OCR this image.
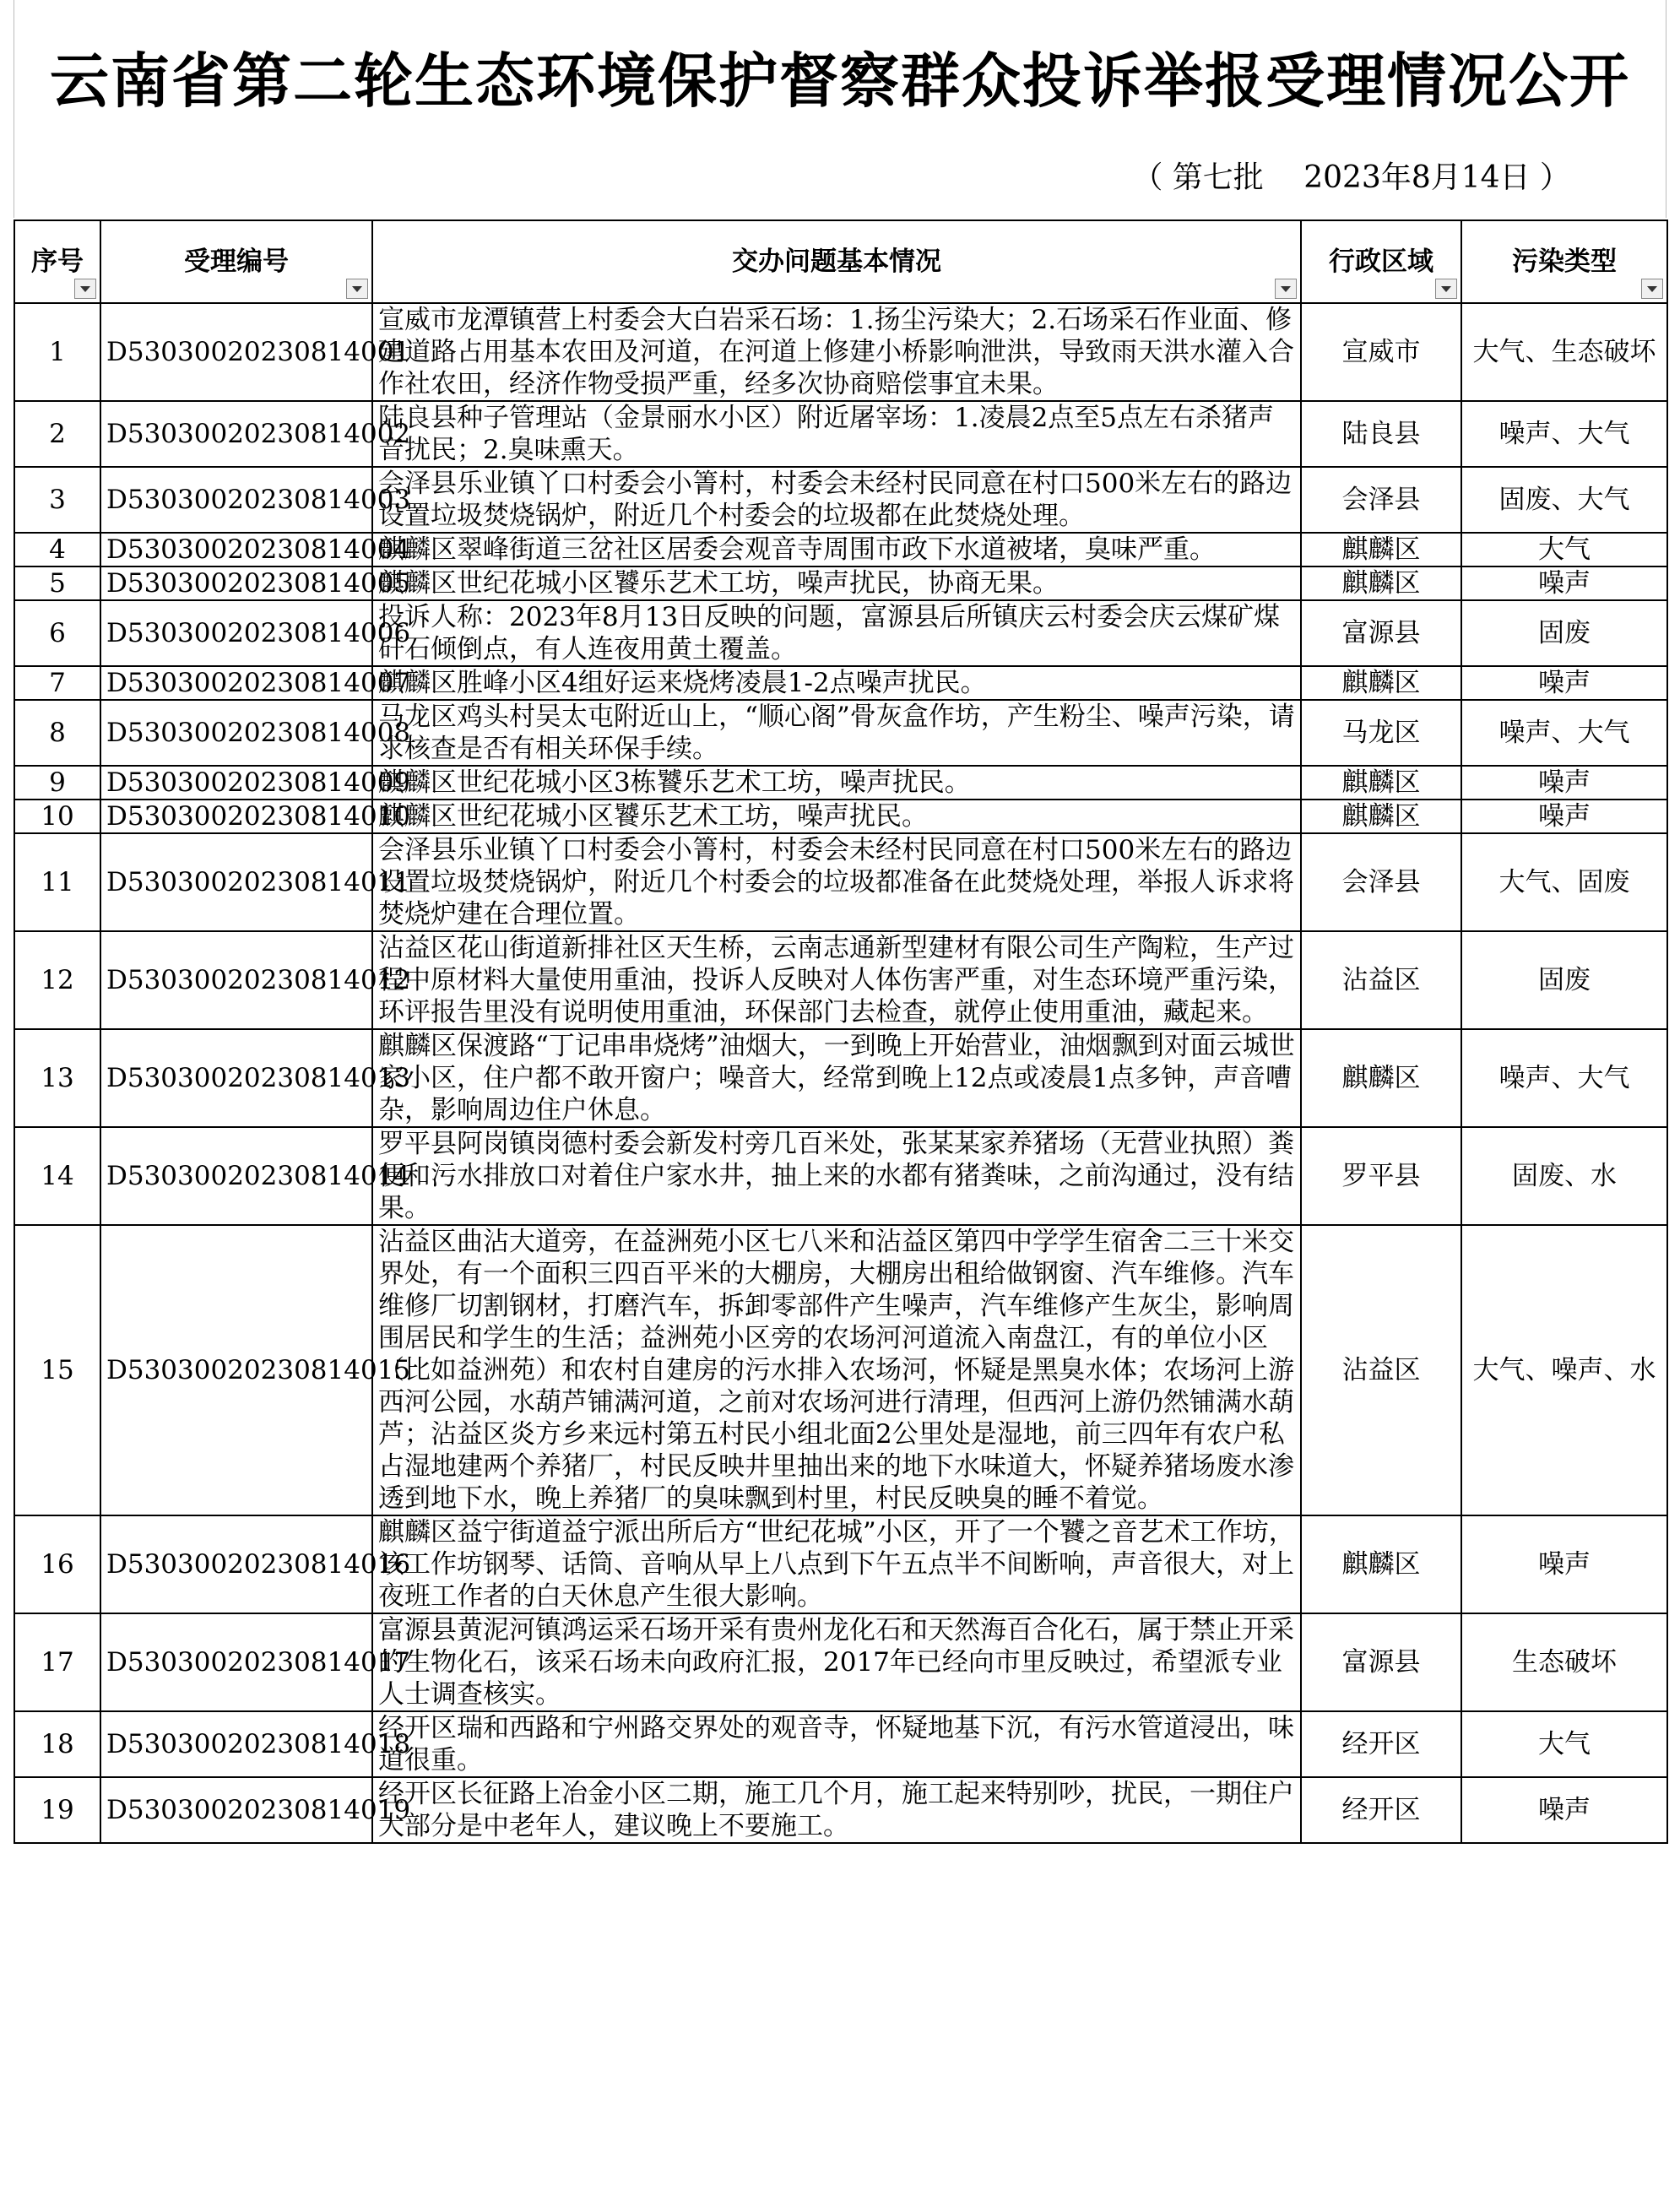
云南省第二轮生态环境保护督察群众投诉举报受理情况公开
（ 第七批　 2023年8月14日 ）
序号	受理编号	交办问题基本情况	行政区域	污染类型

1	D53030020230814001	宣威市龙潭镇营上村委会大白岩采石场：1.扬尘污染大；2.石场采石作业面、修建道路占用基本农田及河道，在河道上修建小桥影响泄洪，导致雨天洪水灌入合作社农田，经济作物受损严重，经多次协商赔偿事宜未果。	宣威市	大气、生态破坏
2	D53030020230814002	陆良县种子管理站（金景丽水小区）附近屠宰场：1.凌晨2点至5点左右杀猪声音扰民；2.臭味熏天。	陆良县	噪声、大气
3	D53030020230814003	会泽县乐业镇丫口村委会小箐村，村委会未经村民同意在村口500米左右的路边设置垃圾焚烧锅炉，附近几个村委会的垃圾都在此焚烧处理。	会泽县	固废、大气
4	D53030020230814004	麒麟区翠峰街道三岔社区居委会观音寺周围市政下水道被堵，臭味严重。	麒麟区	大气
5	D53030020230814005	麒麟区世纪花城小区饕乐艺术工坊，噪声扰民，协商无果。	麒麟区	噪声
6	D53030020230814006	投诉人称：2023年8月13日反映的问题，富源县后所镇庆云村委会庆云煤矿煤矸石倾倒点，有人连夜用黄土覆盖。	富源县	固废
7	D53030020230814007	麒麟区胜峰小区4组好运来烧烤凌晨1-2点噪声扰民。	麒麟区	噪声
8	D53030020230814008	马龙区鸡头村吴太屯附近山上，“顺心阁”骨灰盒作坊，产生粉尘、噪声污染，请求核查是否有相关环保手续。	马龙区	噪声、大气
9	D53030020230814009	麒麟区世纪花城小区3栋饕乐艺术工坊，噪声扰民。	麒麟区	噪声
10	D53030020230814010	麒麟区世纪花城小区饕乐艺术工坊，噪声扰民。	麒麟区	噪声
11	D53030020230814011	会泽县乐业镇丫口村委会小箐村，村委会未经村民同意在村口500米左右的路边设置垃圾焚烧锅炉，附近几个村委会的垃圾都准备在此焚烧处理，举报人诉求将焚烧炉建在合理位置。	会泽县	大气、固废
12	D53030020230814012	沾益区花山街道新排社区天生桥，云南志通新型建材有限公司生产陶粒，生产过程中原材料大量使用重油，投诉人反映对人体伤害严重，对生态环境严重污染，环评报告里没有说明使用重油，环保部门去检查，就停止使用重油，藏起来。	沾益区	固废
13	D53030020230814013	麒麟区保渡路“丁记串串烧烤”油烟大，一到晚上开始营业，油烟飘到对面云城世家小区，住户都不敢开窗户；噪音大，经常到晚上12点或凌晨1点多钟，声音嘈杂，影响周边住户休息。	麒麟区	噪声、大气
14	D53030020230814014	罗平县阿岗镇岗德村委会新发村旁几百米处，张某某家养猪场（无营业执照）粪便和污水排放口对着住户家水井，抽上来的水都有猪粪味，之前沟通过，没有结果。	罗平县	固废、水
15	D53030020230814015	沾益区曲沾大道旁，在益洲苑小区七八米和沾益区第四中学学生宿舍二三十米交界处，有一个面积三四百平米的大棚房，大棚房出租给做钢窗、汽车维修。汽车维修厂切割钢材，打磨汽车，拆卸零部件产生噪声，汽车维修产生灰尘，影响周围居民和学生的生活；益洲苑小区旁的农场河河道流入南盘江，有的单位小区（比如益洲苑）和农村自建房的污水排入农场河，怀疑是黑臭水体；农场河上游西河公园，水葫芦铺满河道，之前对农场河进行清理，但西河上游仍然铺满水葫芦；沾益区炎方乡来远村第五村民小组北面2公里处是湿地，前三四年有农户私占湿地建两个养猪厂，村民反映井里抽出来的地下水味道大，怀疑养猪场废水渗透到地下水，晚上养猪厂的臭味飘到村里，村民反映臭的睡不着觉。	沾益区	大气、噪声、水
16	D53030020230814016	麒麟区益宁街道益宁派出所后方“世纪花城”小区，开了一个饕之音艺术工作坊，该工作坊钢琴、话筒、音响从早上八点到下午五点半不间断响，声音很大，对上夜班工作者的白天休息产生很大影响。	麒麟区	噪声
17	D53030020230814017	富源县黄泥河镇鸿运采石场开采有贵州龙化石和天然海百合化石，属于禁止开采的生物化石，该采石场未向政府汇报，2017年已经向市里反映过，希望派专业人士调查核实。	富源县	生态破坏
18	D53030020230814018	经开区瑞和西路和宁州路交界处的观音寺，怀疑地基下沉，有污水管道浸出，味道很重。	经开区	大气
19	D53030020230814019	经开区长征路上冶金小区二期，施工几个月，施工起来特别吵，扰民，一期住户大部分是中老年人，建议晚上不要施工。	经开区	噪声
